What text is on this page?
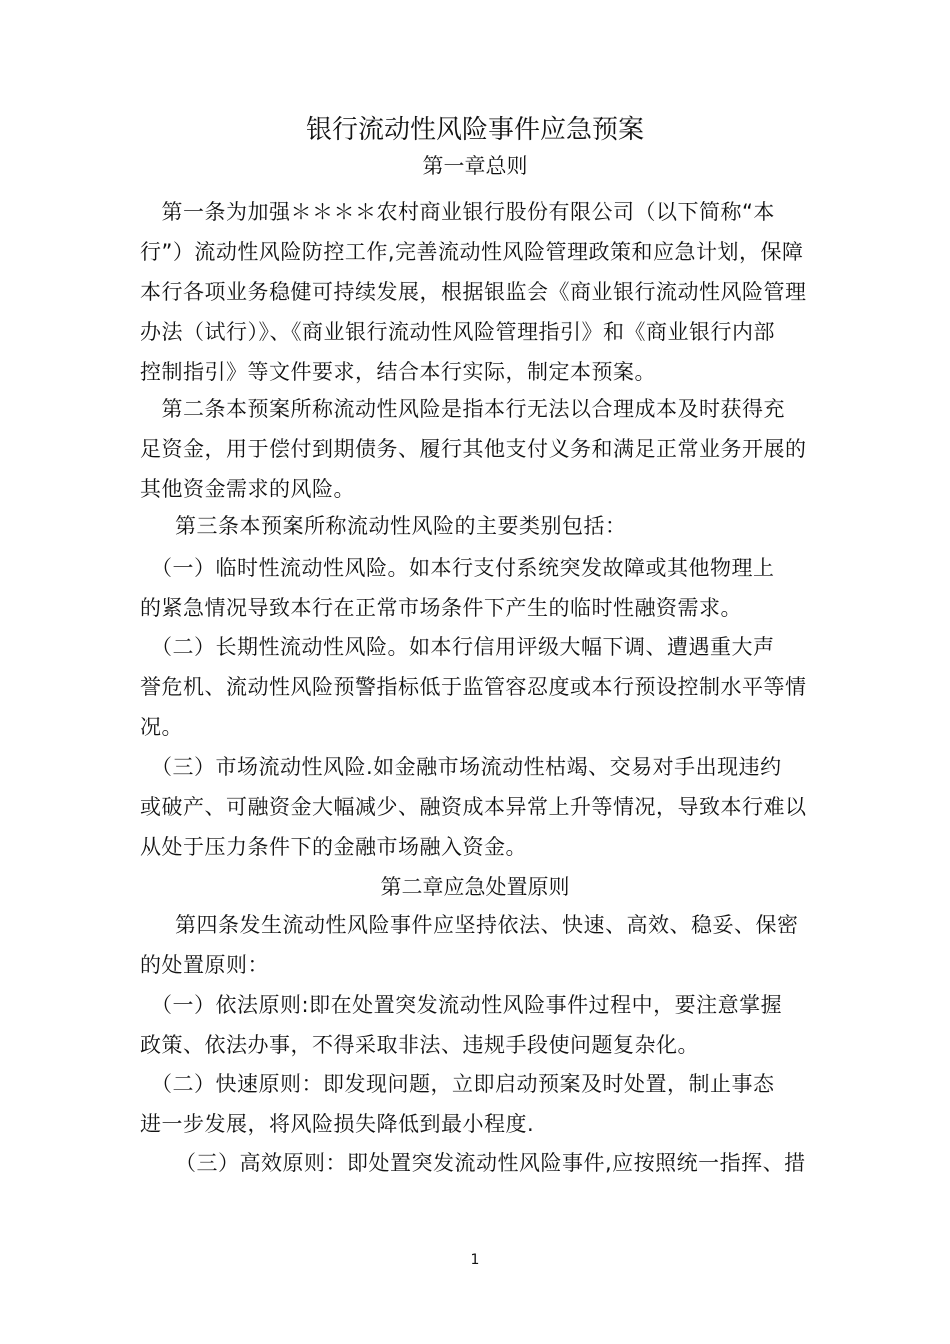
银行流动性风险事件应急预案
第一章总则

　第一条为加强＊＊＊＊农村商业银行股份有限公司（以下简称“本
行”）流动性风险防控工作,完善流动性风险管理政策和应急计划，保障
本行各项业务稳健可持续发展，根据银监会《商业银行流动性风险管理
办法（试行）》、《商业银行流动性风险管理指引》和《商业银行内部
控制指引》等文件要求，结合本行实际，制定本预案。

　第二条本预案所称流动性风险是指本行无法以合理成本及时获得充
足资金，用于偿付到期债务、履行其他支付义务和满足正常业务开展的
其他资金需求的风险。

第三条本预案所称流动性风险的主要类别包括：

　（一）临时性流动性风险。如本行支付系统突发故障或其他物理上
的紧急情况导致本行在正常市场条件下产生的临时性融资需求。

　（二）长期性流动性风险。如本行信用评级大幅下调、遭遇重大声
誉危机、流动性风险预警指标低于监管容忍度或本行预设控制水平等情
况。

　（三）市场流动性风险.如金融市场流动性枯竭、交易对手出现违约
或破产、可融资金大幅减少、融资成本异常上升等情况，导致本行难以
从处于压力条件下的金融市场融入资金。

第二章应急处置原则

第四条发生流动性风险事件应坚持依法、快速、高效、稳妥、保密
的处置原则：

　（一）依法原则:即在处置突发流动性风险事件过程中，要注意掌握
政策、依法办事，不得采取非法、违规手段使问题复杂化。

　（二）快速原则：即发现问题，立即启动预案及时处置，制止事态
进一步发展，将风险损失降低到最小程度.

（三）高效原则：即处置突发流动性风险事件,应按照统一指挥、措

1
